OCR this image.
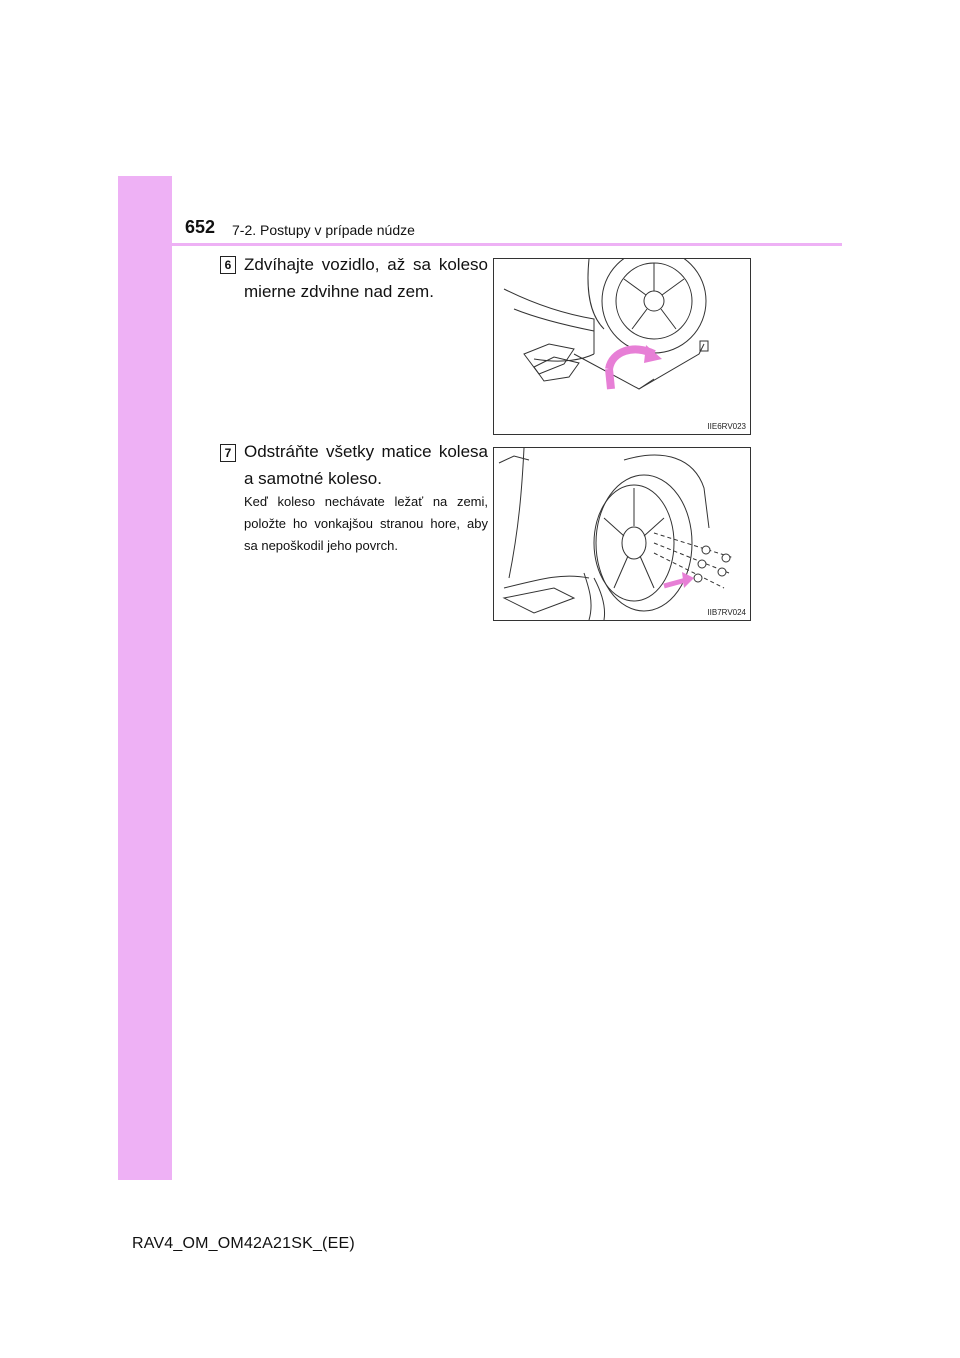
652 7-2. Postupy v prípade núdze
6 Zdvíhajte vozidlo, až sa koleso mierne zdvihne nad zem.
IIE6RV023
7 Odstráňte všetky matice kolesa a samotné koleso.
Keď koleso nechávate ležať na zemi, položte ho vonkajšou stranou hore, aby sa nepoškodil jeho povrch.
IIB7RV024
RAV4_OM_OM42A21SK_(EE)
